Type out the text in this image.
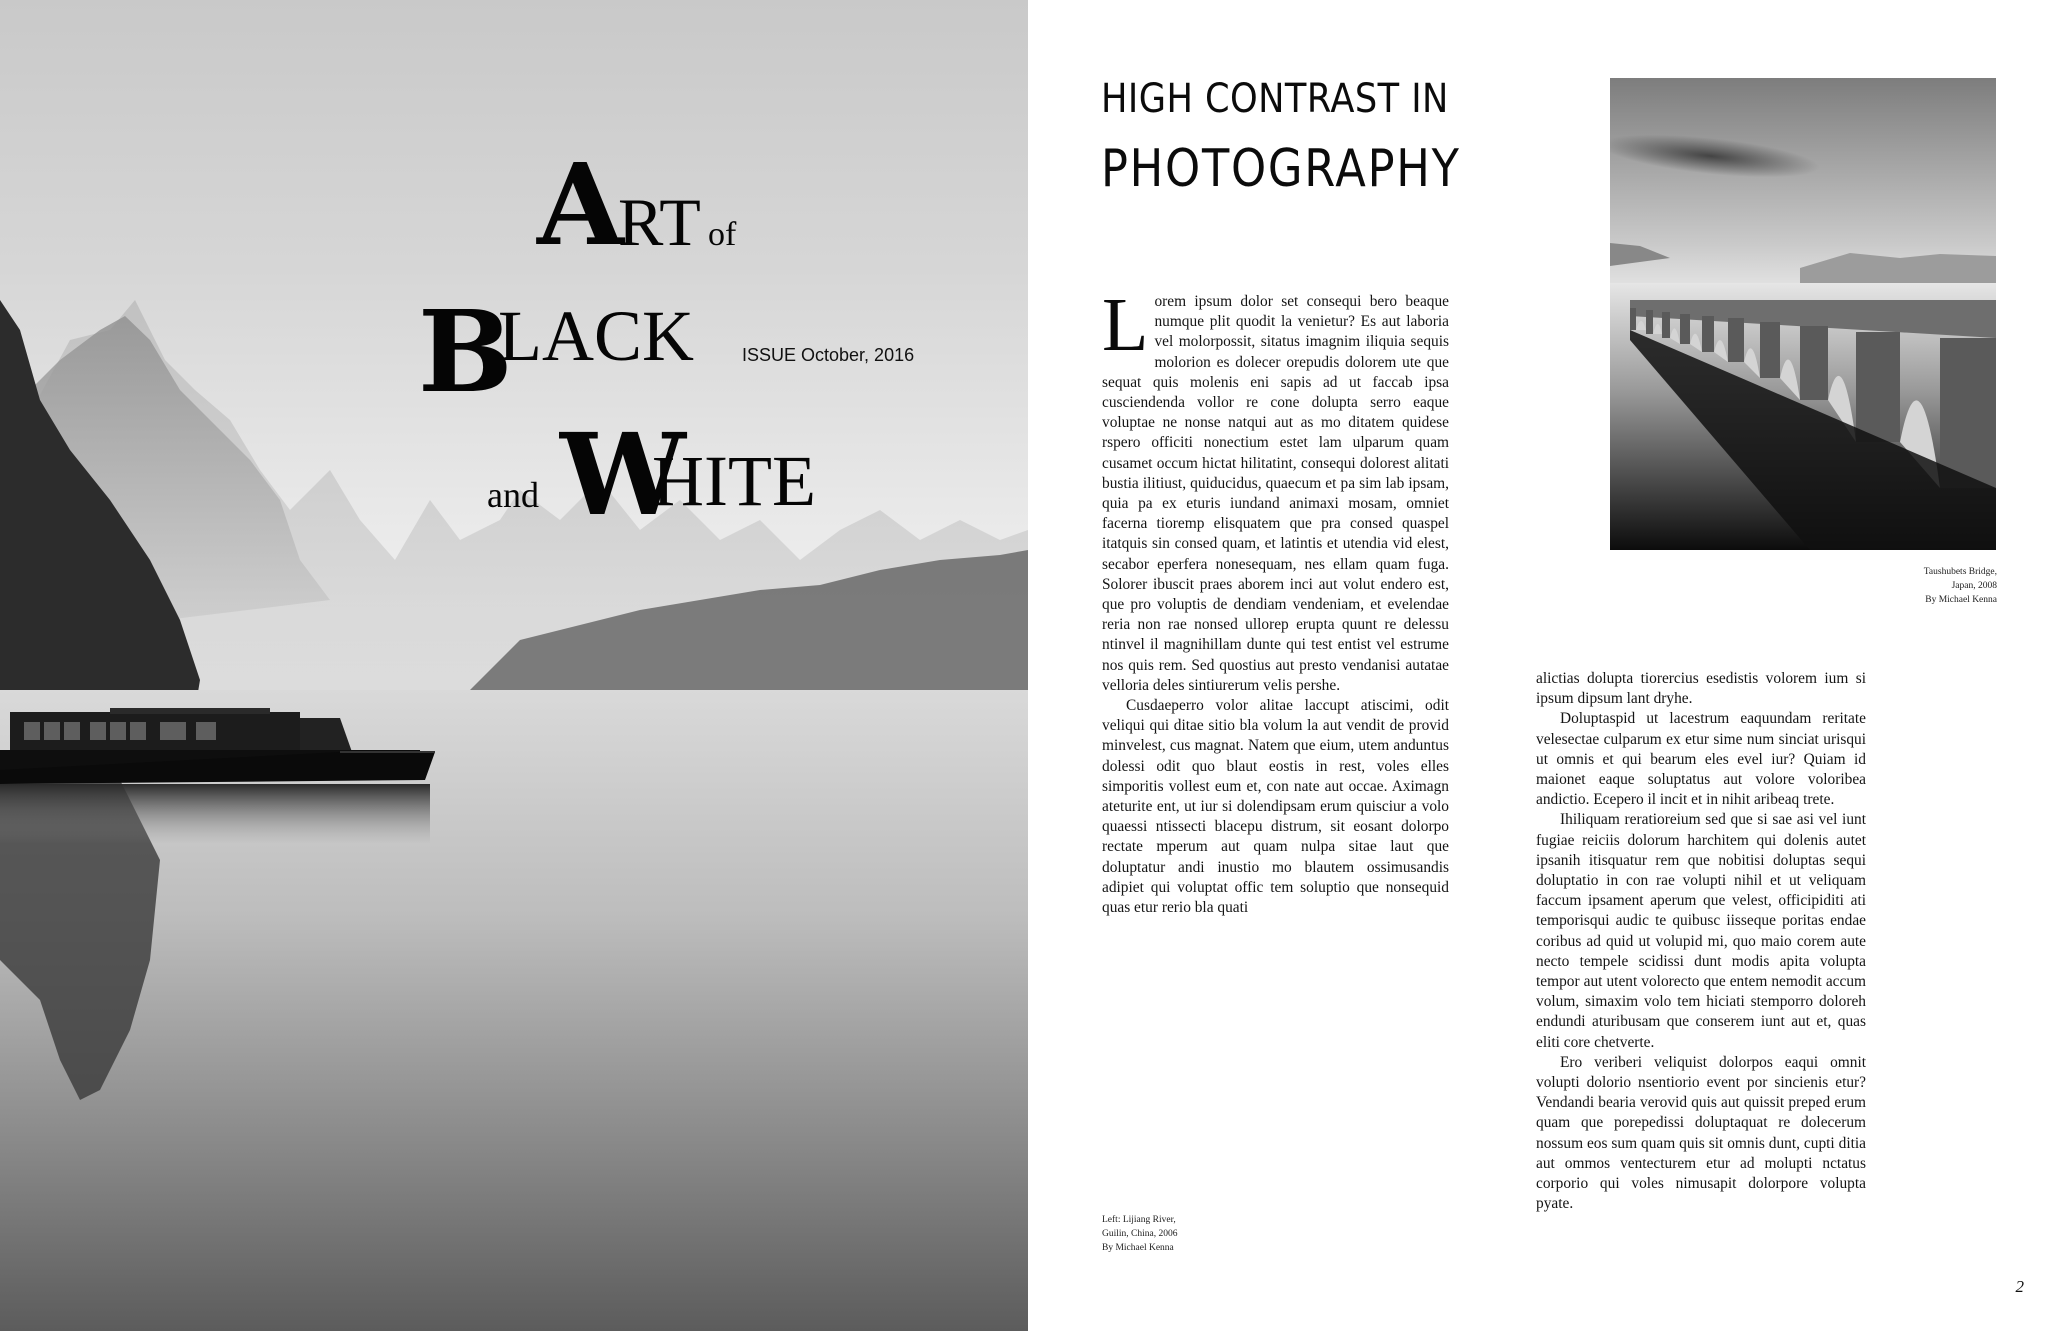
A
RT of
B
LACK
and W
HITE
ISSUE October, 2016
HIGH CONTRAST IN
PHOTOGRAPHY

Lorem ipsum dolor set consequi bero beaque numque plit quodit la venietur? Es aut laboria vel molorpossit, sitatus imagnim iliquia sequis molorion es dolecer orepudis dolorem ute que sequat quis molenis eni sapis ad ut faccab ipsa cusciendenda vollor re cone dolupta serro eaque voluptae ne nonse natqui aut as mo ditatem quidese rspero officiti nonectium estet lam ulparum quam cusamet occum hictat hilitatint, consequi dolorest alitati bustia ilitiust, quiducidus, quaecum et pa sim lab ipsam, quia pa ex eturis iundand animaxi mosam, omniet facerna tioremp elisquatem que pra consed quaspel itatquis sin consed quam, et latintis et utendia vid elest, secabor eperfera nonesequam, nes ellam quam fuga. Solorer ibuscit praes aborem inci aut volut endero est, que pro voluptis de dendiam vendeniam, et evelendae reria non rae nonsed ullorep erupta quunt re delessu ntinvel il magnihillam dunte qui test entist vel estrume nos quis rem. Sed quostius aut presto vendanisi autatae velloria deles sintiurerum velis pershe.

Cusdaeperro volor alitae laccupt atiscimi, odit veliqui qui ditae sitio bla volum la aut vendit de provid minvelest, cus magnat. Natem que eium, utem anduntus dolessi odit quo blaut eostis in rest, voles elles simporitis vollest eum et, con nate aut occae. Aximagn ateturite ent, ut iur si dolendipsam erum quisciur a volo quaessi ntissecti blacepu distrum, sit eosant dolorpo rectate mperum aut quam nulpa sitae laut que doluptatur andi inustio mo blautem ossimusandis adipiet qui voluptat offic tem soluptio que nonsequid quas etur rerio bla quati

Taushubets Bridge,
Japan, 2008
By Michael Kenna

alictias dolupta tiorercius esedistis volorem ium si ipsum dipsum lant dryhe.

Doluptaspid ut lacestrum eaquundam reritate velesectae culparum ex etur sime num sinciat urisqui ut omnis et qui bearum eles evel iur? Quiam id maionet eaque soluptatus aut volore voloribea andictio. Ecepero il incit et in nihit aribeaq trete.

Ihiliquam reratioreium sed que si sae asi vel iunt fugiae reiciis dolorum harchitem qui dolenis autet ipsanih itisquatur rem que nobitisi doluptas sequi doluptatio in con rae volupti nihil et ut veliquam faccum ipsament aperum que velest, officipiditi ati temporisqui audic te quibusc iisseque poritas endae coribus ad quid ut volupid mi, quo maio corem aute necto tempele scidissi dunt modis apita volupta tempor aut utent volorecto que entem nemodit accum volum, simaxim volo tem hiciati stemporro doloreh endundi aturibusam que conserem iunt aut et, quas eliti core chetverte.

Ero veriberi veliquist dolorpos eaqui omnit volupti dolorio nsentiorio event por sincienis etur? Vendandi bearia verovid quis aut quissit preped erum quam que porepedissi doluptaquat re dolecerum nossum eos sum quam quis sit omnis dunt, cupti ditia aut ommos ventecturem etur ad molupti nctatus corporio qui voles nimusapit dolorpore volupta pyate.

Left: Lijiang River,
Guilin, China, 2006
By Michael Kenna
2
